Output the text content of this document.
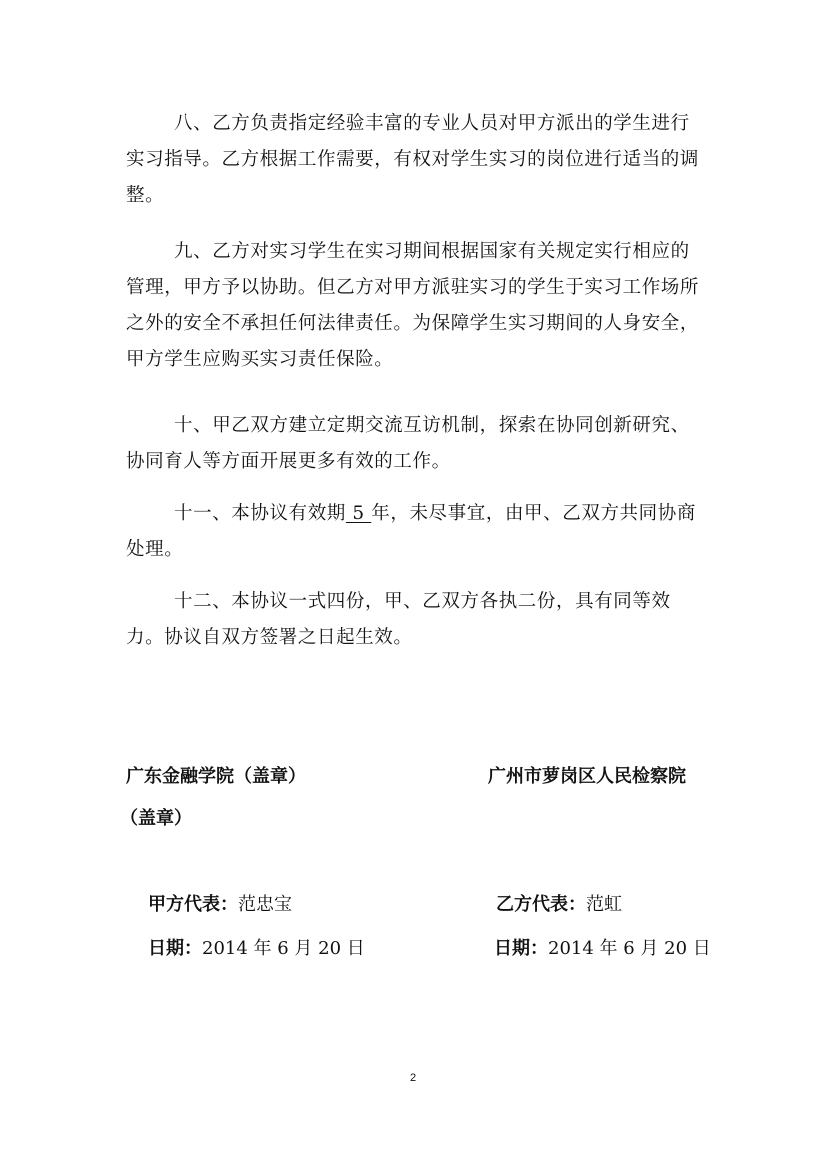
八、乙方负责指定经验丰富的专业人员对甲方派出的学生进行实习指导。乙方根据工作需要，有权对学生实习的岗位进行适当的调整。

九、乙方对实习学生在实习期间根据国家有关规定实行相应的管理，甲方予以协助。但乙方对甲方派驻实习的学生于实习工作场所之外的安全不承担任何法律责任。为保障学生实习期间的人身安全，甲方学生应购买实习责任保险。

十、甲乙双方建立定期交流互访机制，探索在协同创新研究、协同育人等方面开展更多有效的工作。

十一、本协议有效期 5 年，未尽事宜，由甲、乙双方共同协商处理。

十二、本协议一式四份，甲、乙双方各执二份，具有同等效力。协议自双方签署之日起生效。

广东金融学院（盖章）	广州市萝岗区人民检察院
（盖章）
甲方代表：范忠宝	乙方代表：范虹
日期：2014 年 6 月 20 日	日期：2014 年 6 月 20 日
2
